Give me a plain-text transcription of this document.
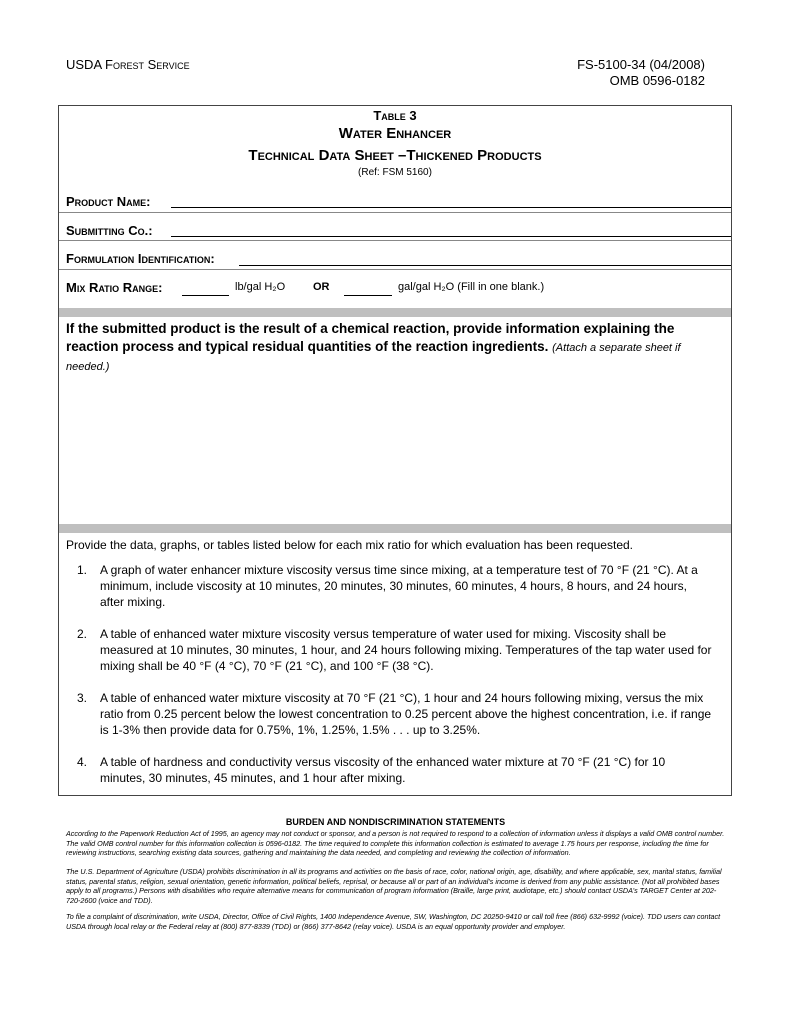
USDA Forest Service	FS-5100-34 (04/2008)
OMB 0596-0182
Table 3
Water Enhancer
Technical Data Sheet –Thickened Products
(Ref: FSM 5160)
Product Name:
Submitting Co.:
Formulation Identification:
Mix Ratio Range:	lb/gal H₂O	OR	gal/gal H₂O (Fill in one blank.)
If the submitted product is the result of a chemical reaction, provide information explaining the reaction process and typical residual quantities of the reaction ingredients. (Attach a separate sheet if needed.)
Provide the data, graphs, or tables listed below for each mix ratio for which evaluation has been requested.
1. A graph of water enhancer mixture viscosity versus time since mixing, at a temperature test of 70 °F (21 °C). At a minimum, include viscosity at 10 minutes, 20 minutes, 30 minutes, 60 minutes, 4 hours, 8 hours, and 24 hours, after mixing.
2. A table of enhanced water mixture viscosity versus temperature of water used for mixing. Viscosity shall be measured at 10 minutes, 30 minutes, 1 hour, and 24 hours following mixing. Temperatures of the tap water used for mixing shall be 40 °F (4 °C), 70 °F (21 °C), and 100 °F (38 °C).
3. A table of enhanced water mixture viscosity at 70 °F (21 °C), 1 hour and 24 hours following mixing, versus the mix ratio from 0.25 percent below the lowest concentration to 0.25 percent above the highest concentration, i.e. if range is 1-3% then provide data for 0.75%, 1%, 1.25%, 1.5% . . . up to 3.25%.
4. A table of hardness and conductivity versus viscosity of the enhanced water mixture at 70 °F (21 °C) for 10 minutes, 30 minutes, 45 minutes, and 1 hour after mixing.
BURDEN AND NONDISCRIMINATION STATEMENTS
According to the Paperwork Reduction Act of 1995, an agency may not conduct or sponsor, and a person is not required to respond to a collection of information unless it displays a valid OMB control number. The valid OMB control number for this information collection is 0596-0182. The time required to complete this information collection is estimated to average 1.75 hours per response, including the time for reviewing instructions, searching existing data sources, gathering and maintaining the data needed, and completing and reviewing the collection of information.
The U.S. Department of Agriculture (USDA) prohibits discrimination in all its programs and activities on the basis of race, color, national origin, age, disability, and where applicable, sex, marital status, familial status, parental status, religion, sexual orientation, genetic information, political beliefs, reprisal, or because all or part of an individual’s income is derived from any public assistance. (Not all prohibited bases apply to all programs.) Persons with disabilities who require alternative means for communication of program information (Braille, large print, audiotape, etc.) should contact USDA’s TARGET Center at 202-720-2600 (voice and TDD).
To file a complaint of discrimination, write USDA, Director, Office of Civil Rights, 1400 Independence Avenue, SW, Washington, DC 20250-9410 or call toll free (866) 632-9992 (voice). TDD users can contact USDA through local relay or the Federal relay at (800) 877-8339 (TDD) or (866) 377-8642 (relay voice). USDA is an equal opportunity provider and employer.
